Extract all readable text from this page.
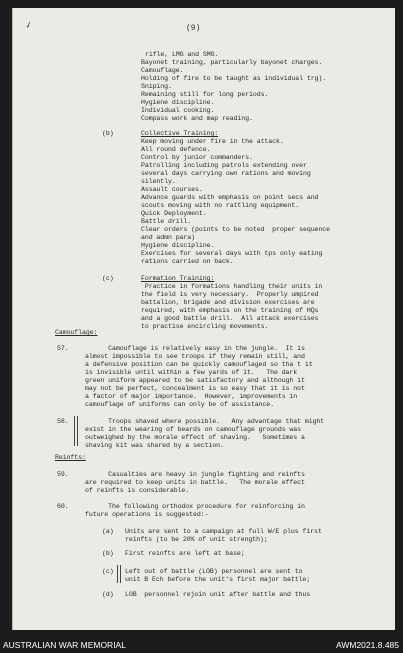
✓	(9)
rifle, LMG and SMG.
Bayonet training, particularly bayonet charges.
Camouflage.
Holding of fire to be taught as individual trg).
Sniping.
Remaining still for long periods.
Hygiene discipline.
Individual cooking.
Compass work and map reading.
(b)	Collective Training:
Keep moving under fire in the attack.
All round defence.
Control by junior commanders.
Patrolling including patrols extending over
several days carrying own rations and moving
silently.
Assault courses.
Advance guards with emphasis on point secs and
scouts moving with no rattling equipment.
Quick Deployment.
Battle drill.
Clear orders (points to be noted  proper sequence
and admn para)
Hygiene discipline.
Exercises for several days with tps only eating
rations carried on back.
(c)	Formation Training:
Practice in formations handling their units in
the field is very necessary.  Properly umpired
battalion, brigade and division exercises are
required, with emphasis on the training of HQs
and a good battle drill.  All attack exercises
to practise encircling movements.
Camouflage:
57. Camouflage is relatively easy in the jungle.  It is
almost impossible to see troops if they remain still, and
a defensive position can be quickly camouflaged so tha t it
is invisible until within a few yards of it.   The dark
green uniform appeared to be satisfactory and although it
may not be perfect, concealment is so easy that it is not
a factor of major importance.  However, improvements in
camouflage of uniforms can only be of assistance.
58. Troops shaved where possible.   Any advantage that might
exist in the wearing of beards on camouflage grounds was
outweighed by the morale effect of shaving.   Sometimes a
shaving kit was shared by a section.
Reinfts:
59. Casualties are heavy in jungle fighting and reinfts
are required to keep units in battle.   The morale effect
of reinfts is considerable.
60. The following orthodox procedure for reinforcing in
future operations is suggested:-
(a) Units are sent to a campaign at full W/E plus first
reinfts (to be 20% of unit strength);
(b) First reinfts are left at base;
(c) Left out of battle (LOB) personnel are sent to
unit B Ech before the unit's first major battle;
(d) LOB  personnel rejoin unit after battle and thus
AUSTRALIAN WAR MEMORIAL	AWM2021.8.485
